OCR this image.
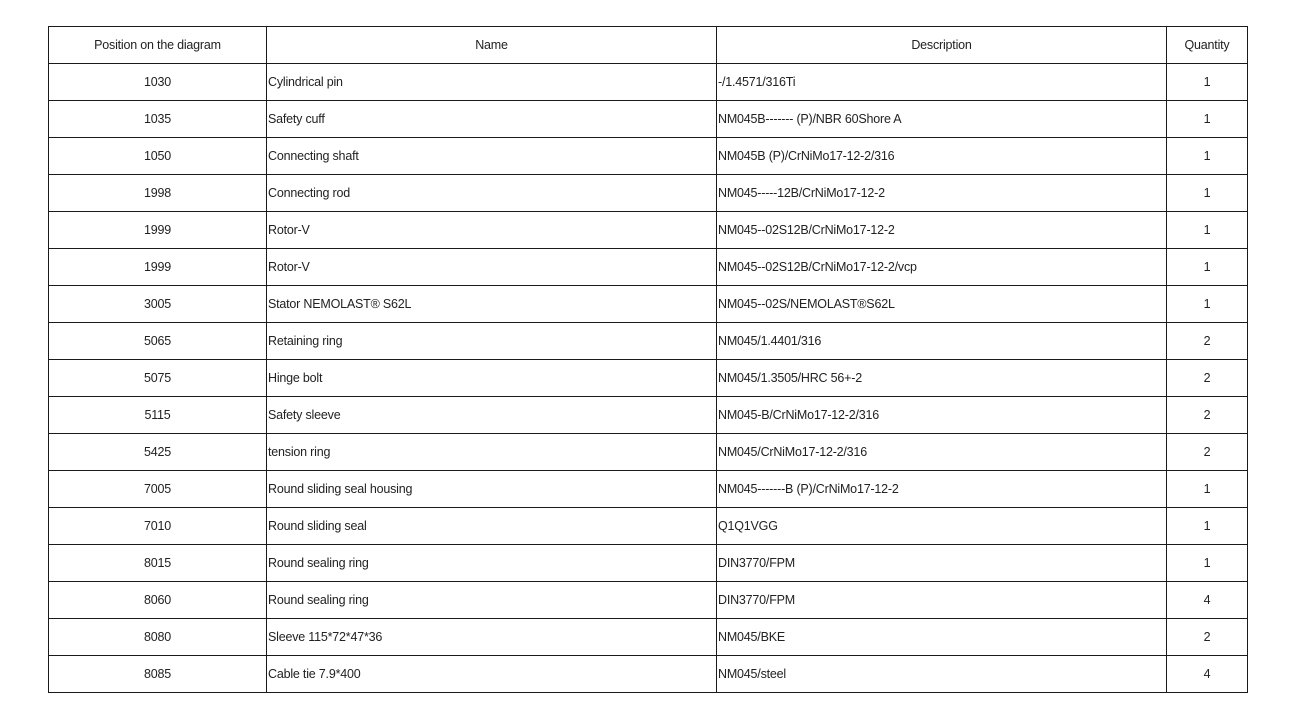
Position on the diagram	Name	Description	Quantity
1030	Cylindrical pin	-/1.4571/316Ti	1
1035	Safety cuff	NM045B------- (P)/NBR 60Shore A	1
1050	Connecting shaft	NM045B (P)/CrNiMo17-12-2/316	1
1998	Connecting rod	NM045-----12B/CrNiMo17-12-2	1
1999	Rotor-V	NM045--02S12B/CrNiMo17-12-2	1
1999	Rotor-V	NM045--02S12B/CrNiMo17-12-2/vcp	1
3005	Stator NEMOLAST® S62L	NM045--02S/NEMOLAST®S62L	1
5065	Retaining ring	NM045/1.4401/316	2
5075	Hinge bolt	NM045/1.3505/HRC 56+-2	2
5115	Safety sleeve	NM045-B/CrNiMo17-12-2/316	2
5425	tension ring	NM045/CrNiMo17-12-2/316	2
7005	Round sliding seal housing	NM045-------B (P)/CrNiMo17-12-2	1
7010	Round sliding seal	Q1Q1VGG	1
8015	Round sealing ring	DIN3770/FPM	1
8060	Round sealing ring	DIN3770/FPM	4
8080	Sleeve 115*72*47*36	NM045/BKE	2
8085	Cable tie 7.9*400	NM045/steel	4
